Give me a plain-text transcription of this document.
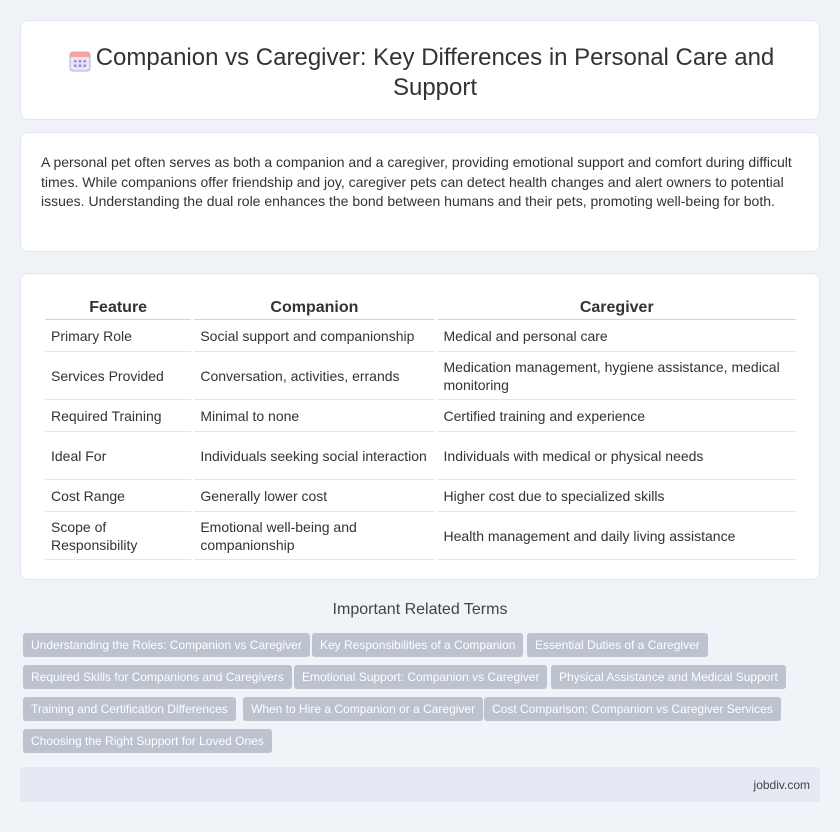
Companion vs Caregiver: Key Differences in Personal Care and Support

A personal pet often serves as both a companion and a caregiver, providing emotional support and comfort during difficult times. While companions offer friendship and joy, caregiver pets can detect health changes and alert owners to potential issues. Understanding the dual role enhances the bond between humans and their pets, promoting well-being for both.

Feature	Companion	Caregiver
Primary Role	Social support and companionship	Medical and personal care
Services Provided	Conversation, activities, errands	Medication management, hygiene assistance, medical monitoring
Required Training	Minimal to none	Certified training and experience
Ideal For	Individuals seeking social interaction	Individuals with medical or physical needs
Cost Range	Generally lower cost	Higher cost due to specialized skills
Scope of Responsibility	Emotional well-being and companionship	Health management and daily living assistance
Important Related Terms
Understanding the Roles: Companion vs Caregiver	Key Responsibilities of a Companion	Essential Duties of a Caregiver
Required Skills for Companions and Caregivers	Emotional Support: Companion vs Caregiver	Physical Assistance and Medical Support
Training and Certification Differences	When to Hire a Companion or a Caregiver	Cost Comparison: Companion vs Caregiver Services
Choosing the Right Support for Loved Ones
jobdiv.com
